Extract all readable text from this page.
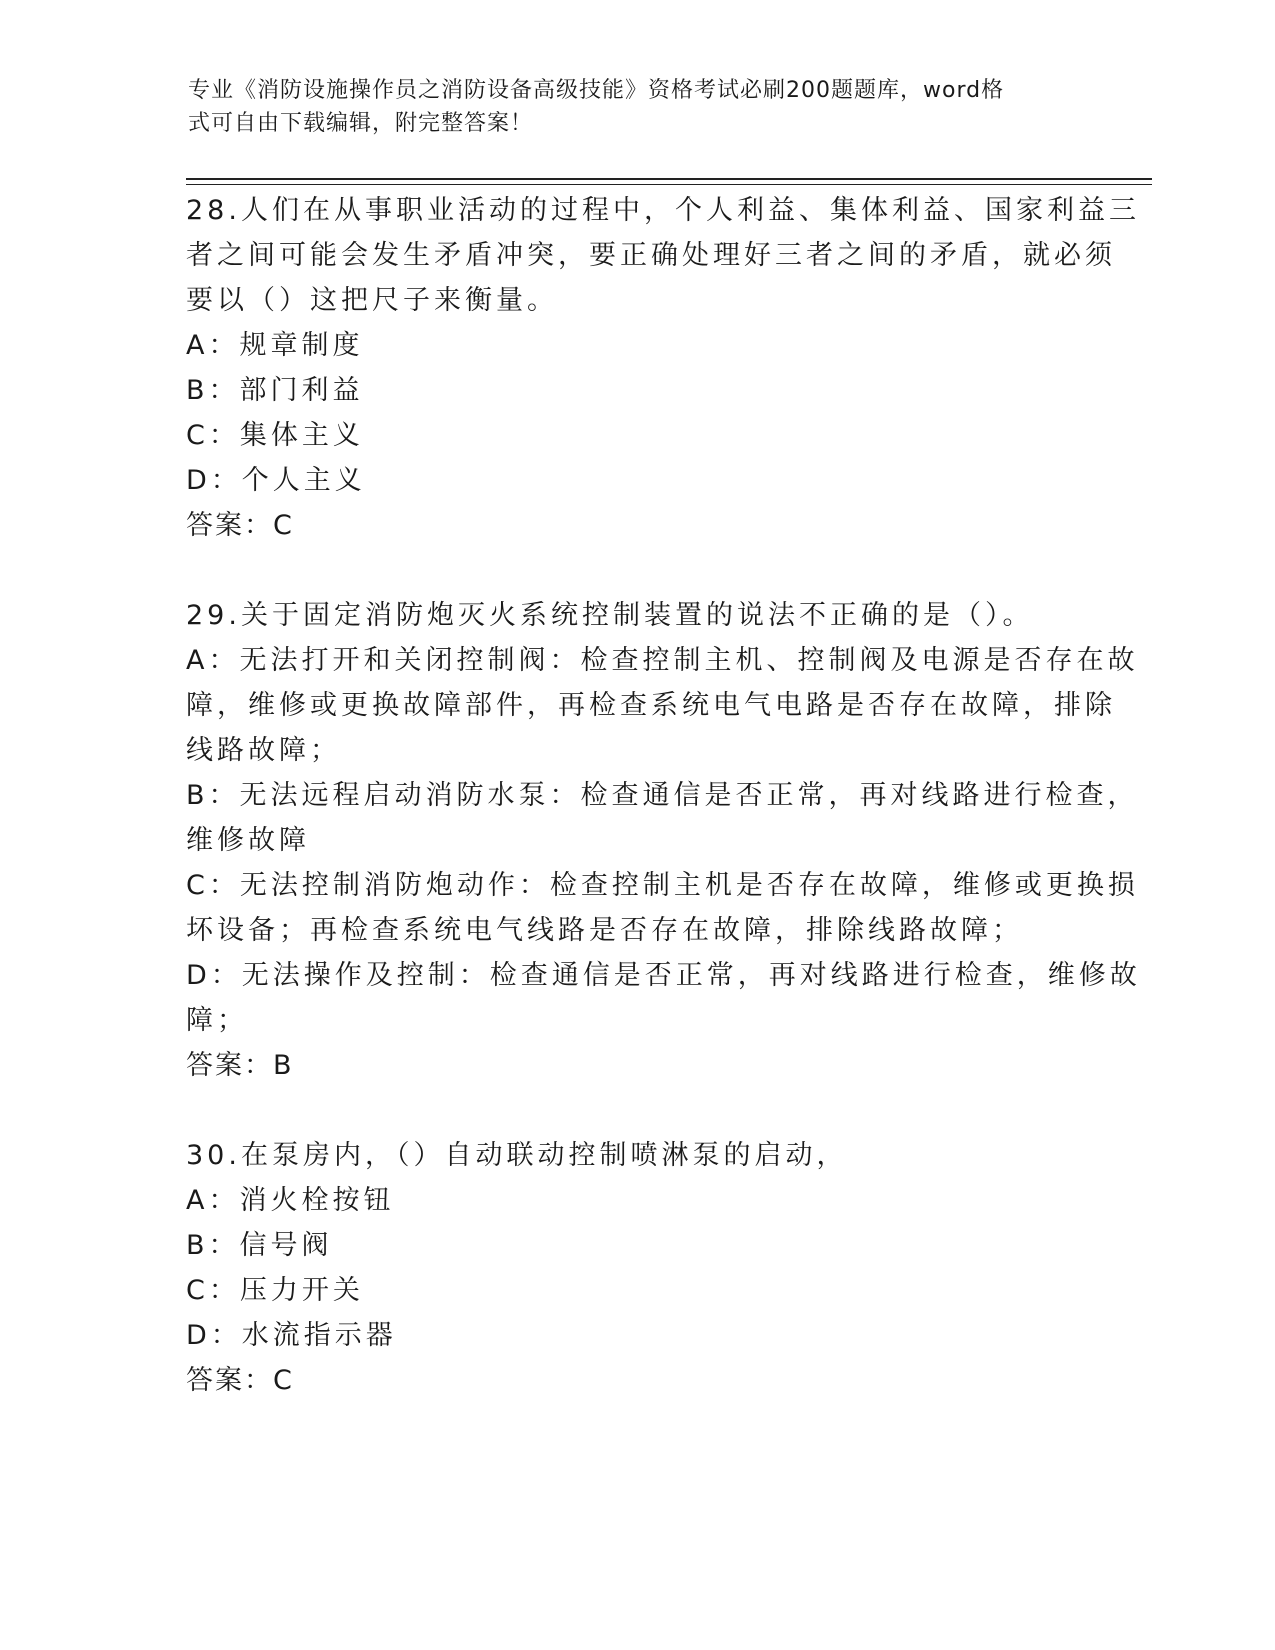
专业《消防设施操作员之消防设备高级技能》资格考试必刷200题题库，word格
式可自由下载编辑，附完整答案！
28.人们在从事职业活动的过程中，个人利益、集体利益、国家利益三
者之间可能会发生矛盾冲突，要正确处理好三者之间的矛盾，就必须
要以（）这把尺子来衡量。
A：规章制度
B：部门利益
C：集体主义
D：个人主义
答案：C
29.关于固定消防炮灭火系统控制装置的说法不正确的是（）。
A：无法打开和关闭控制阀：检查控制主机、控制阀及电源是否存在故
障，维修或更换故障部件，再检查系统电气电路是否存在故障，排除
线路故障；
B：无法远程启动消防水泵：检查通信是否正常，再对线路进行检查，
维修故障
C：无法控制消防炮动作：检查控制主机是否存在故障，维修或更换损
坏设备；再检查系统电气线路是否存在故障，排除线路故障；
D：无法操作及控制：检查通信是否正常，再对线路进行检查，维修故
障；
答案：B
30.在泵房内，（）自动联动控制喷淋泵的启动，
A：消火栓按钮
B：信号阀
C：压力开关
D：水流指示器
答案：C
